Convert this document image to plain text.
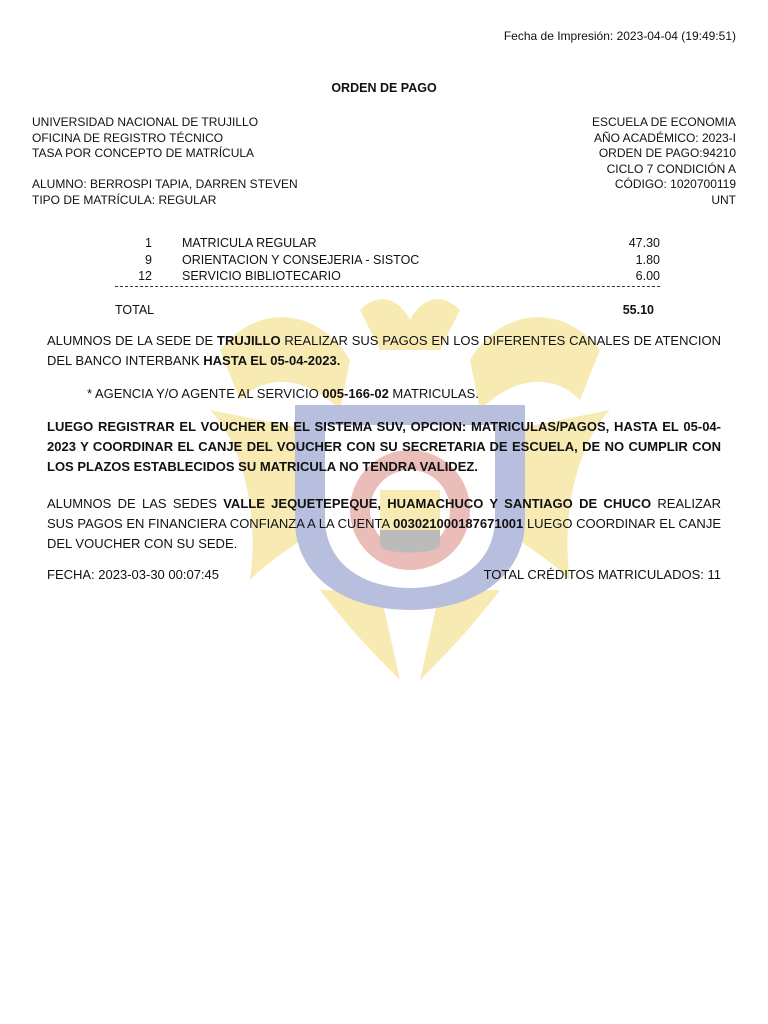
Fecha de Impresión: 2023-04-04 (19:49:51)
ORDEN DE PAGO
UNIVERSIDAD NACIONAL DE TRUJILLO
OFICINA DE REGISTRO TÉCNICO
TASA POR CONCEPTO DE MATRÍCULA
ESCUELA DE ECONOMIA
AÑO ACADÉMICO: 2023-I
ORDEN DE PAGO:94210
CICLO 7 CONDICIÓN A
CÓDIGO: 1020700119
UNT
ALUMNO: BERROSPI TAPIA, DARREN STEVEN
TIPO DE MATRÍCULA: REGULAR
1 MATRICULA REGULAR	47.30
9 ORIENTACION Y CONSEJERIA - SISTOC	1.80
12 SERVICIO BIBLIOTECARIO	6.00
TOTAL	55.10
ALUMNOS DE LA SEDE DE TRUJILLO REALIZAR SUS PAGOS EN LOS DIFERENTES CANALES DE ATENCION DEL BANCO INTERBANK HASTA EL 05-04-2023.
* AGENCIA Y/O AGENTE AL SERVICIO 005-166-02 MATRICULAS.
LUEGO REGISTRAR EL VOUCHER EN EL SISTEMA SUV, OPCION: MATRICULAS/PAGOS, HASTA EL 05-04-2023 Y COORDINAR EL CANJE DEL VOUCHER CON SU SECRETARIA DE ESCUELA, DE NO CUMPLIR CON LOS PLAZOS ESTABLECIDOS SU MATRICULA NO TENDRA VALIDEZ.
ALUMNOS DE LAS SEDES VALLE JEQUETEPEQUE, HUAMACHUCO Y SANTIAGO DE CHUCO REALIZAR SUS PAGOS EN FINANCIERA CONFIANZA A LA CUENTA 003021000187671001 LUEGO COORDINAR EL CANJE DEL VOUCHER CON SU SEDE.
FECHA: 2023-03-30 00:07:45	TOTAL CRÉDITOS MATRICULADOS: 11
